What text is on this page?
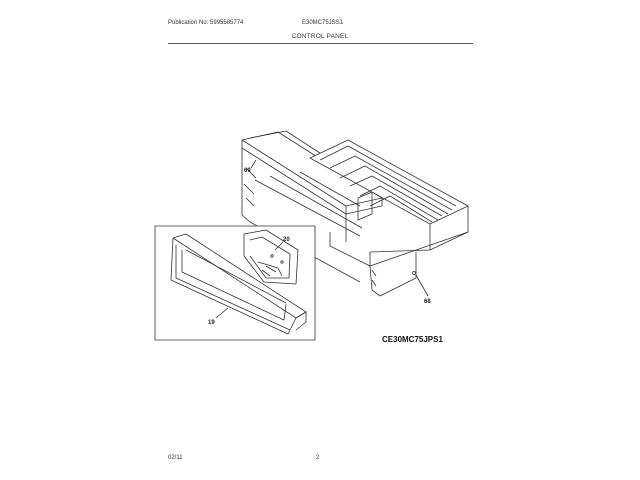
Publication No: 5995585774	E30MC75JSS1
CONTROL PANEL
69
20
68
19
CE30MC75JPS1
02/11	2
